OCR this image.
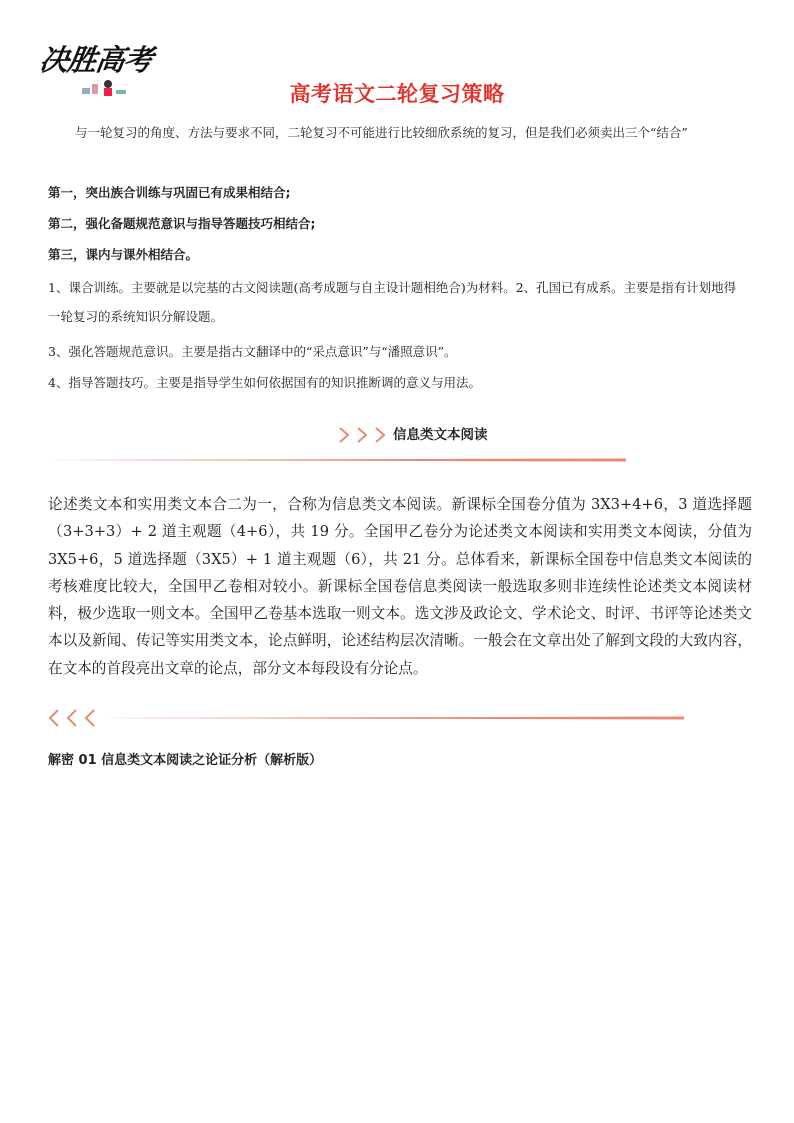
决胜高考
· · ·
· · ·	高考语文二轮复习策略

与一轮复习的角度、方法与要求不同，二轮复习不可能进行比较细欣系统的复习，但是我们必须卖出三个“结合”

第一，突出族合训练与巩固已有成果相结合;

第二，强化备题规范意识与指导答题技巧相结合;

第三，课内与课外相结合。

1、课合训练。主要就是以完基的古文阅读题(高考成题与自主设计题相绝合)为材料。2、孔国已有成系。主要是指有计划地得一轮复习的系统知识分解设题。

3、强化答题规范意识。主要是指古文翻译中的“采点意识”与“潘照意识”。

4、指导答题技巧。主要是指导学生如何依据国有的知识推断调的意义与用法。

信息类文本阅读

论述类文本和实用类文本合二为一，合称为信息类文本阅读。新课标全国卷分值为 3X3+4+6，3 道选择题（3+3+3）+ 2 道主观题（4+6），共 19 分。全国甲乙卷分为论述类文本阅读和实用类文本阅读，分值为 3X5+6，5 道选择题（3X5）+ 1 道主观题（6），共 21 分。总体看来，新课标全国卷中信息类文本阅读的考核难度比较大，全国甲乙卷相对较小。新课标全国卷信息类阅读一般选取多则非连续性论述类文本阅读材料，极少选取一则文本。全国甲乙卷基本选取一则文本。选文涉及政论文、学术论文、时评、书评等论述类文本以及新闻、传记等实用类文本，论点鲜明，论述结构层次清晰。一般会在文章出处了解到文段的大致内容，在文本的首段亮出文章的论点，部分文本每段设有分论点。

解密 01 信息类文本阅读之论证分析（解析版）
